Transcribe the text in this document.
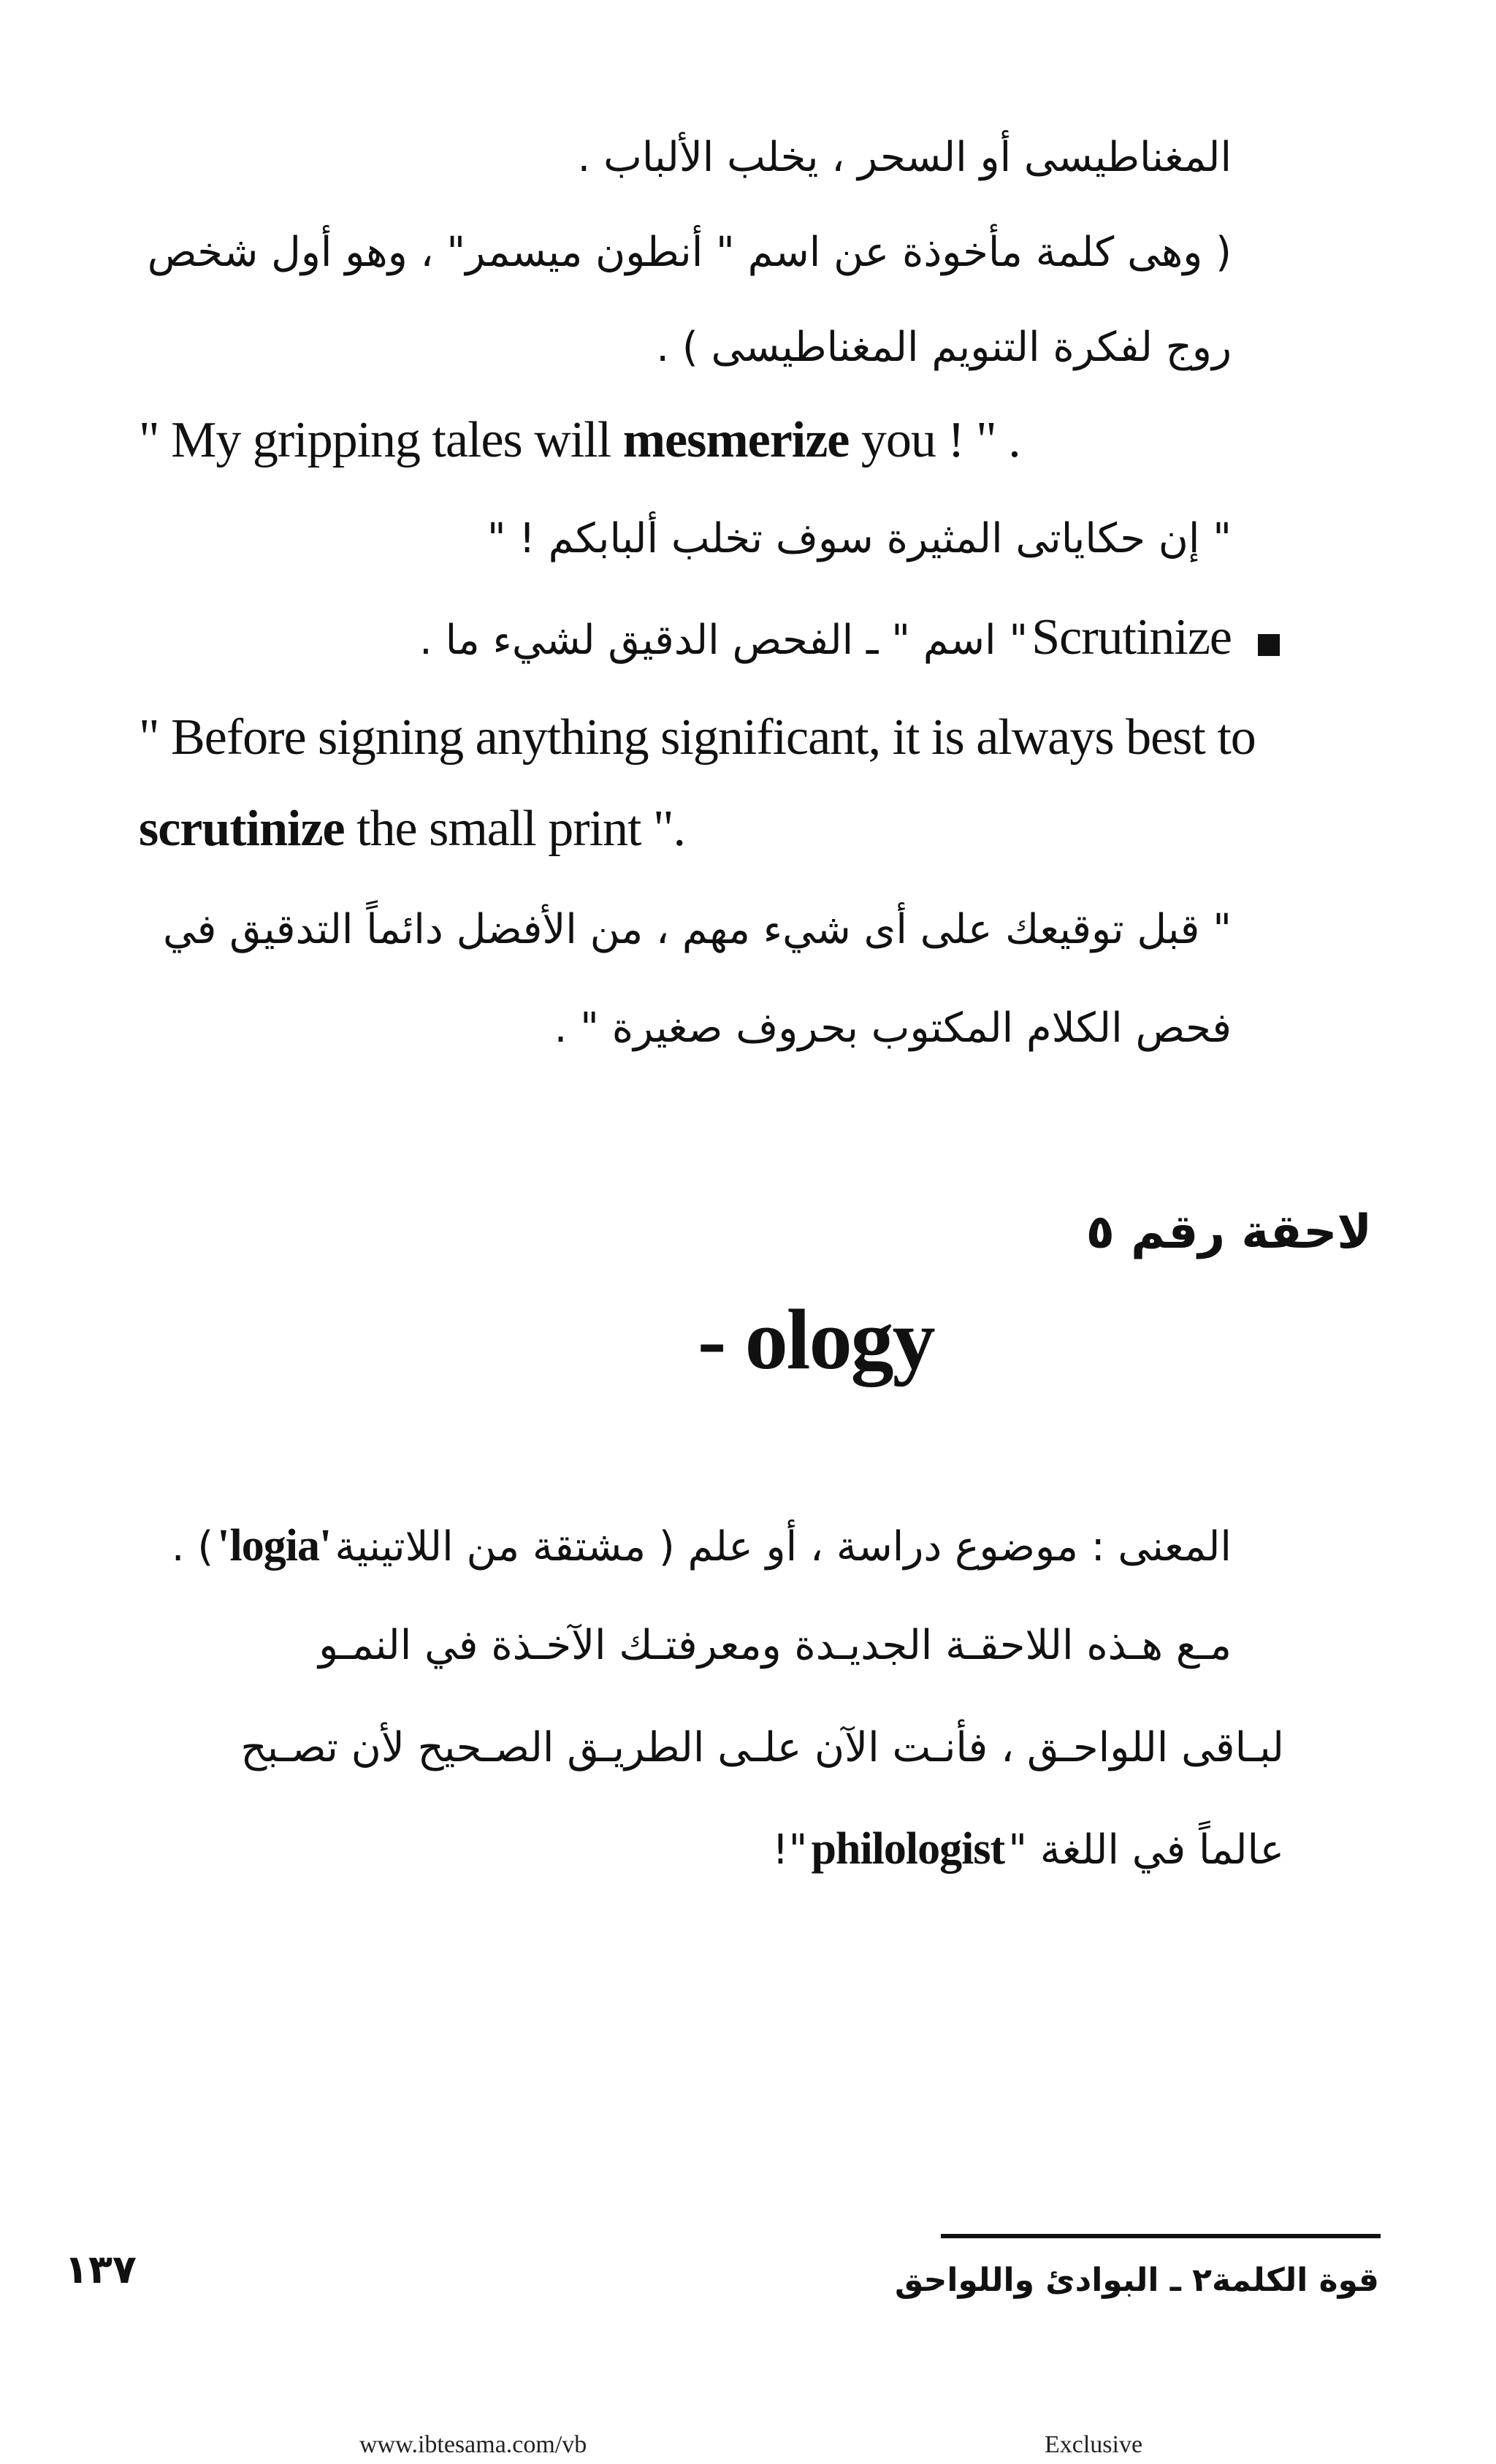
المغناطيسى أو السحر ، يخلب الألباب .
( وهى كلمة مأخوذة عن اسم " أنطون ميسمر" ، وهو أول شخص
روج لفكرة التنويم المغناطيسى ) .
" My gripping tales will mesmerize you ! " .
" إن حكاياتى المثيرة سوف تخلب ألبابكم ! "
Scrutinize " اسم " ـ الفحص الدقيق لشيء ما .
" Before signing anything significant, it is always best to
scrutinize the small print ".
" قبل توقيعك على أى شيء مهم ، من الأفضل دائماً التدقيق في
فحص الكلام المكتوب بحروف صغيرة " .
لاحقة رقم ٥
- ology
المعنى : موضوع دراسة ، أو علم ( مشتقة من اللاتينية 'logia' ) .
مـع هـذه اللاحقـة الجديـدة ومعرفتـك الآخـذة في النمـو
لبـاقى اللواحـق ، فأنـت الآن علـى الطريـق الصـحيح لأن تصـبح
عالماً في اللغة " philologist "!
١٣٧	قوة الكلمة٢ ـ البوادئ واللواحق
www.ibtesama.com/vb	Exclusive
